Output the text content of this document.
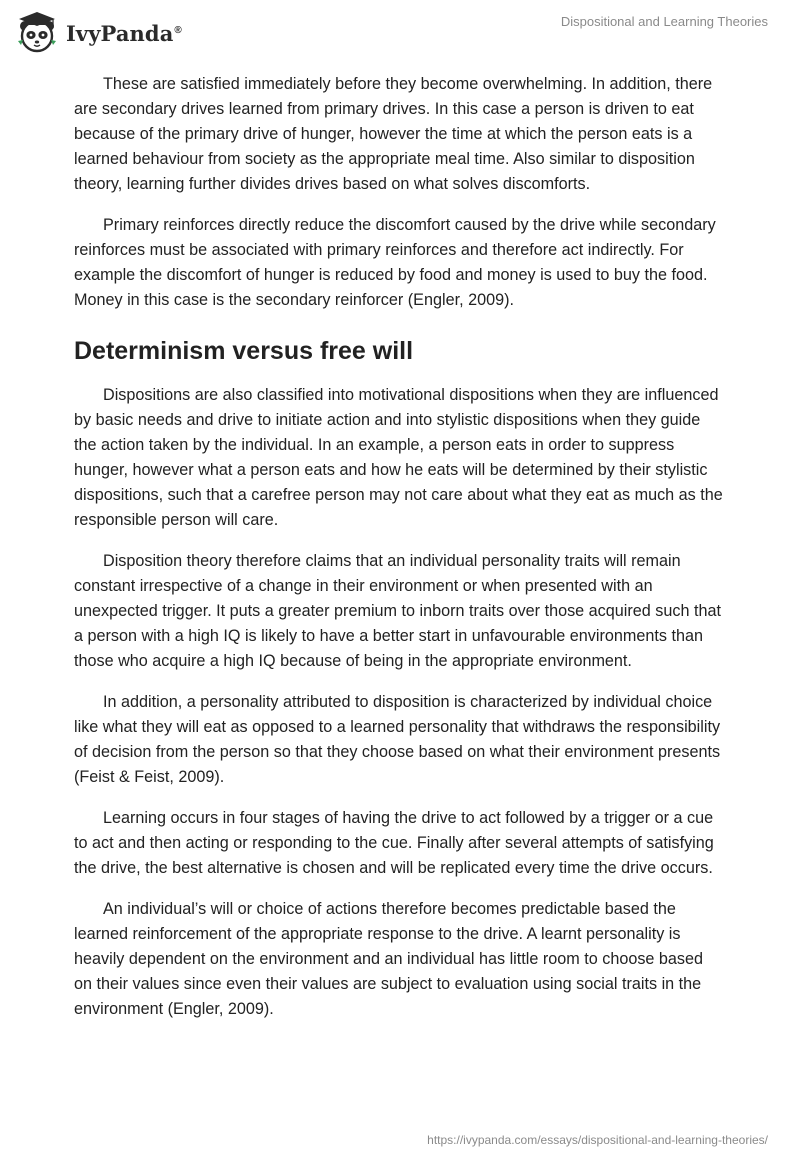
IvyPanda®
Dispositional and Learning Theories

These are satisfied immediately before they become overwhelming. In addition, there are secondary drives learned from primary drives. In this case a person is driven to eat because of the primary drive of hunger, however the time at which the person eats is a learned behaviour from society as the appropriate meal time. Also similar to disposition theory, learning further divides drives based on what solves discomforts.

Primary reinforces directly reduce the discomfort caused by the drive while secondary reinforces must be associated with primary reinforces and therefore act indirectly. For example the discomfort of hunger is reduced by food and money is used to buy the food. Money in this case is the secondary reinforcer (Engler, 2009).

Determinism versus free will

Dispositions are also classified into motivational dispositions when they are influenced by basic needs and drive to initiate action and into stylistic dispositions when they guide the action taken by the individual. In an example, a person eats in order to suppress hunger, however what a person eats and how he eats will be determined by their stylistic dispositions, such that a carefree person may not care about what they eat as much as the responsible person will care.

Disposition theory therefore claims that an individual personality traits will remain constant irrespective of a change in their environment or when presented with an unexpected trigger. It puts a greater premium to inborn traits over those acquired such that a person with a high IQ is likely to have a better start in unfavourable environments than those who acquire a high IQ because of being in the appropriate environment.

In addition, a personality attributed to disposition is characterized by individual choice like what they will eat as opposed to a learned personality that withdraws the responsibility of decision from the person so that they choose based on what their environment presents (Feist & Feist, 2009).

Learning occurs in four stages of having the drive to act followed by a trigger or a cue to act and then acting or responding to the cue. Finally after several attempts of satisfying the drive, the best alternative is chosen and will be replicated every time the drive occurs.

An individual’s will or choice of actions therefore becomes predictable based the learned reinforcement of the appropriate response to the drive. A learnt personality is heavily dependent on the environment and an individual has little room to choose based on their values since even their values are subject to evaluation using social traits in the environment (Engler, 2009).

https://ivypanda.com/essays/dispositional-and-learning-theories/
